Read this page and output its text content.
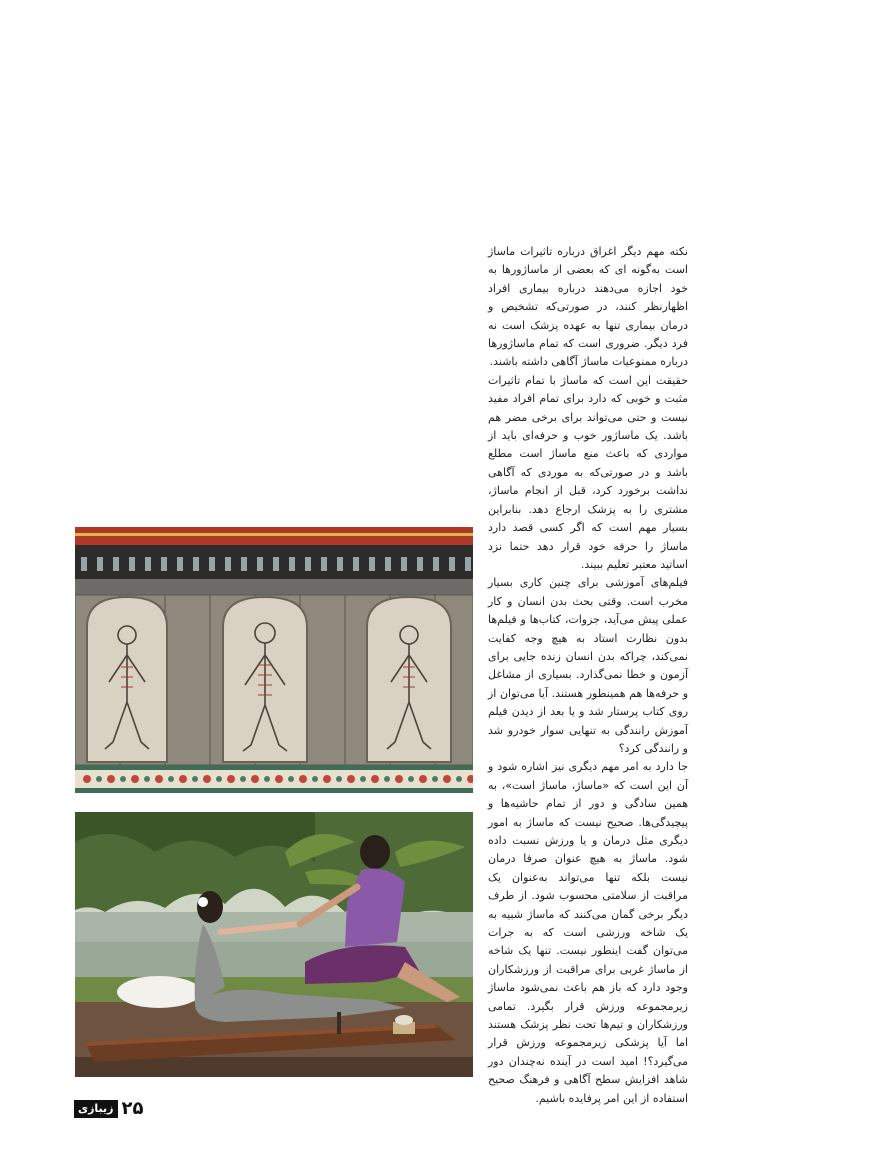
نکته مهم دیگر اغراق درباره تاثیرات ماساژ است به‌گونه ای که بعضی از ماساژورها به خود اجازه می‌دهند درباره بیماری افراد اظهارنظر کنند، در صورتی‌که تشخیص و درمان بیماری تنها به عهده پزشک است نه فرد دیگر. ضروری است که تمام ماساژورها درباره ممنوعیات ماساژ آگاهی داشته باشند.

حقیقت این است که ماساژ با تمام تاثیرات مثبت و خوبی که دارد برای تمام افراد مفید نیست و حتی می‌تواند برای برخی مضر هم باشد. یک ماساژور خوب و حرفه‌ای باید از مواردی که باعث منع ماساژ است مطلع باشد و در صورتی‌که به موردی که آگاهی نداشت برخورد کرد، قبل از انجام ماساژ، مشتری را به پزشک ارجاع دهد. بنابراین بسیار مهم است که اگر کسی قصد دارد ماساژ را حرفه خود قرار دهد حتما نزد اساتید معتبر تعلیم ببیند.

فیلم‌های آموزشی برای چنین کاری بسیار مخرب است. وقتی بحث بدن انسان و کار عملی پیش می‌آید، جزوات، کتاب‌ها و فیلم‌ها بدون نظارت استاد به هیچ وجه کفایت نمی‌کند، چراکه بدن انسان زنده جایی برای آزمون و خطا نمی‌گذارد. بسیاری از مشاغل و حرفه‌ها هم همینطور هستند. آیا می‌توان از روی کتاب پرستار شد و یا بعد از دیدن فیلم آموزش رانندگی به تنهایی سوار خودرو شد و رانندگی کرد؟

جا دارد به امر مهم دیگری نیز اشاره شود و آن این است که «ماساژ، ماساژ است»، به همین سادگی و دور از تمام حاشیه‌ها و پیچیدگی‌ها. صحیح نیست که ماساژ به امور دیگری مثل درمان و یا ورزش نسبت داده شود. ماساژ به هیچ عنوان صرفا درمان نیست بلکه تنها می‌تواند به‌عنوان یک مراقبت از سلامتی محسوب شود. از طرف دیگر برخی گمان می‌کنند که ماساژ شبیه به یک شاخه ورزشی است که به جرات می‌توان گفت اینطور نیست. تنها یک شاخه از ماساژ غربی برای مراقبت از ورزشکاران وجود دارد که باز هم باعث نمی‌شود ماساژ زیرمجموعه ورزش قرار بگیرد. تمامی ورزشکاران و تیم‌ها تحت نظر پزشک هستند اما آیا پزشکی زیرمجموعه ورزش قرار می‌گیرد؟! امید است در آینده نه‌چندان دور شاهد افزایش سطح آگاهی و فرهنگ صحیح استفاده از این امر پرفایده باشیم.

زیبازی ۲۵
